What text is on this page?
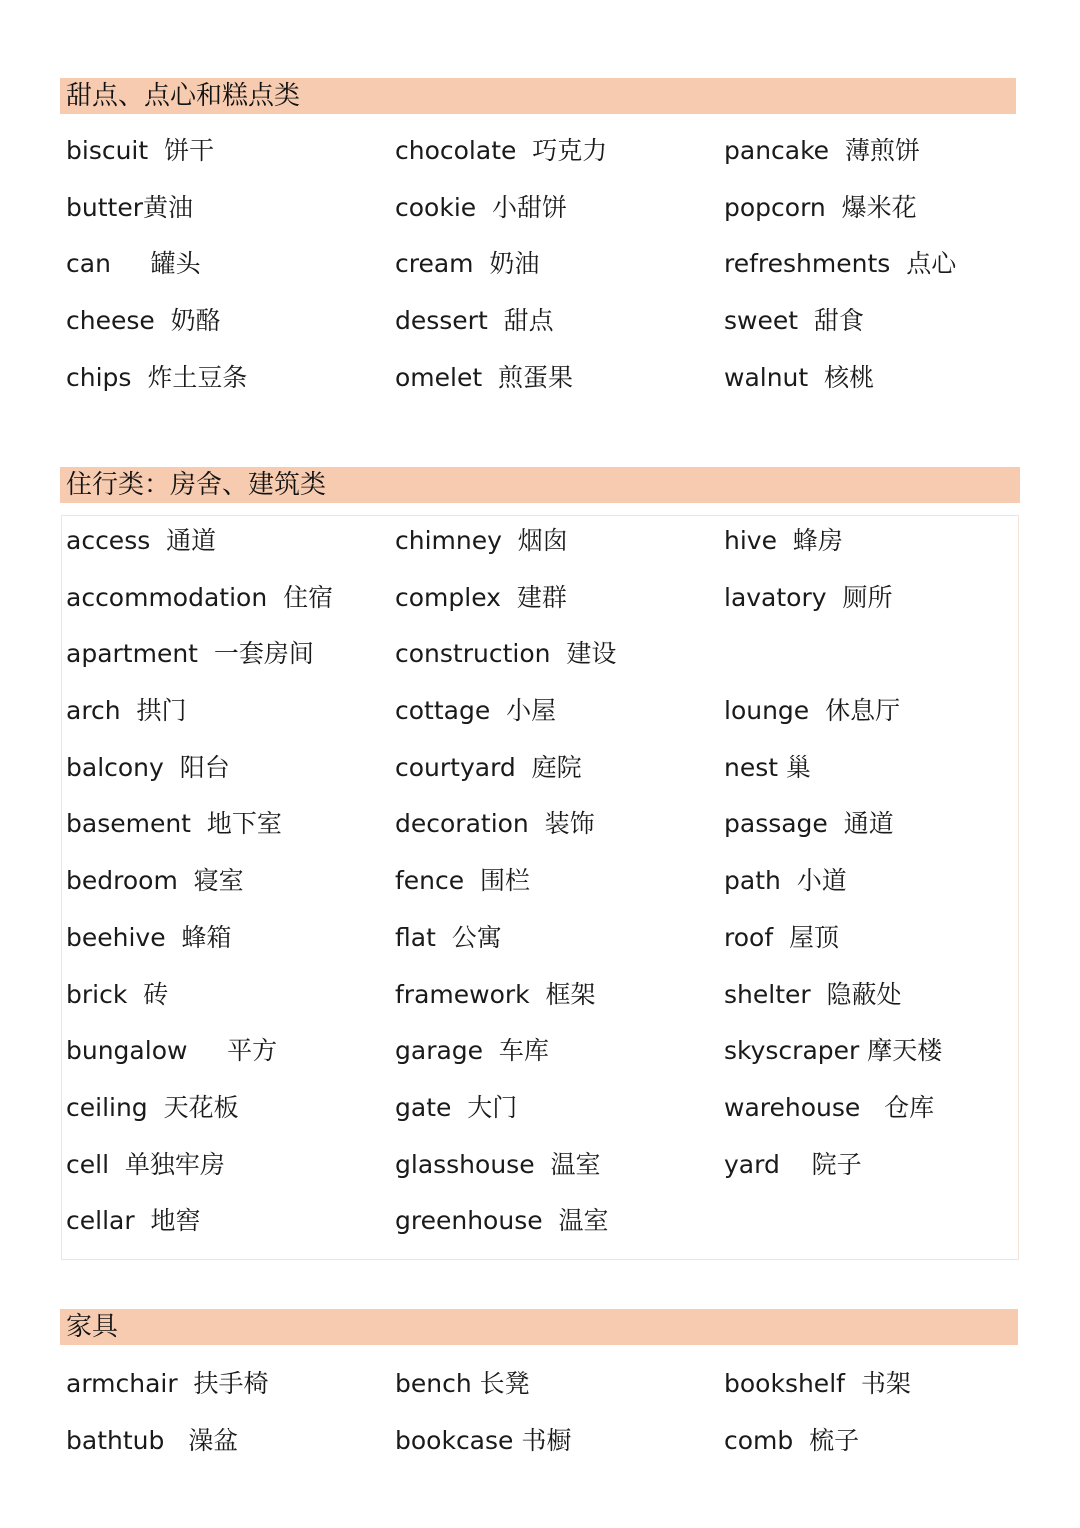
甜点、点心和糕点类
biscuit  饼干	chocolate  巧克力	pancake  薄煎饼
butter黄油	cookie  小甜饼	popcorn  爆米花
can     罐头	cream  奶油	refreshments  点心
cheese  奶酪	dessert  甜点	sweet  甜食
chips  炸土豆条	omelet  煎蛋果	walnut  核桃
住行类：房舍、建筑类
access  通道	chimney  烟囱	hive  蜂房
accommodation  住宿 complex  建群	lavatory  厕所
apartment  一套房间	construction  建设
arch  拱门	cottage  小屋	lounge  休息厅
balcony  阳台	courtyard  庭院	nest 巢
basement  地下室	decoration  装饰	passage  通道
bedroom  寝室	fence  围栏	path  小道
beehive  蜂箱	flat  公寓	roof  屋顶
brick  砖	framework  框架	shelter  隐蔽处
bungalow     平方	garage  车库	skyscraper 摩天楼
ceiling  天花板	gate  大门	warehouse   仓库
cell  单独牢房	glasshouse  温室	yard    院子
cellar  地窖	greenhouse  温室
家具
armchair  扶手椅	bench 长凳	bookshelf  书架
bathtub   澡盆	bookcase 书橱	comb  梳子
